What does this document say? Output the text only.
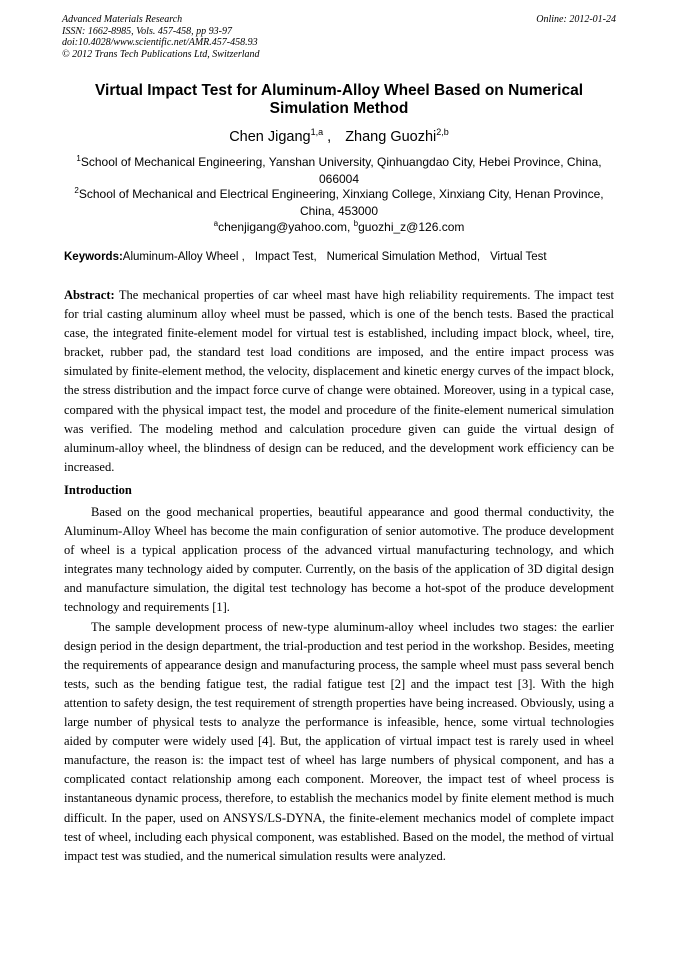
Advanced Materials Research
ISSN: 1662-8985, Vols. 457-458, pp 93-97
doi:10.4028/www.scientific.net/AMR.457-458.93
© 2012 Trans Tech Publications Ltd, Switzerland
Online: 2012-01-24
Virtual Impact Test for Aluminum-Alloy Wheel Based on Numerical Simulation Method
Chen Jigang$^{1,a}$ , Zhang Guozhi$^{2,b}$
$^1$School of Mechanical Engineering, Yanshan University, Qinhuangdao City, Hebei Province, China, 066004
$^2$School of Mechanical and Electrical Engineering, Xinxiang College, Xinxiang City, Henan Province, China, 453000
$^a$chenjigang@yahoo.com, $^b$guozhi_z@126.com
Keywords:Aluminum-Alloy Wheel , Impact Test, Numerical Simulation Method, Virtual Test
Abstract: The mechanical properties of car wheel mast have high reliability requirements. The impact test for trial casting aluminum alloy wheel must be passed, which is one of the bench tests. Based the practical case, the integrated finite-element model for virtual test is established, including impact block, wheel, tire, bracket, rubber pad, the standard test load conditions are imposed, and the entire impact process was simulated by finite-element method, the velocity, displacement and kinetic energy curves of the impact block, the stress distribution and the impact force curve of change were obtained. Moreover, using in a typical case, compared with the physical impact test, the model and procedure of the finite-element numerical simulation was verified. The modeling method and calculation procedure given can guide the virtual design of aluminum-alloy wheel, the blindness of design can be reduced, and the development work efficiency can be increased.
Introduction

Based on the good mechanical properties, beautiful appearance and good thermal conductivity, the Aluminum-Alloy Wheel has become the main configuration of senior automotive. The produce development of wheel is a typical application process of the advanced virtual manufacturing technology, and which integrates many technology aided by computer. Currently, on the basis of the application of 3D digital design and manufacture simulation, the digital test technology has become a hot-spot of the produce development technology and requirements [1].

The sample development process of new-type aluminum-alloy wheel includes two stages: the earlier design period in the design department, the trial-production and test period in the workshop. Besides, meeting the requirements of appearance design and manufacturing process, the sample wheel must pass several bench tests, such as the bending fatigue test, the radial fatigue test [2] and the impact test [3]. With the high attention to safety design, the test requirement of strength properties have being increased. Obviously, using a large number of physical tests to analyze the performance is infeasible, hence, some virtual technologies aided by computer were widely used [4]. But, the application of virtual impact test is rarely used in wheel manufacture, the reason is: the impact test of wheel has large numbers of physical component, and has a complicated contact relationship among each component. Moreover, the impact test of wheel process is instantaneous dynamic process, therefore, to establish the mechanics model by finite element method is much difficult. In the paper, used on ANSYS/LS-DYNA, the finite-element mechanics model of complete impact test of wheel, including each physical component, was established. Based on the model, the method of virtual impact test was studied, and the numerical simulation results were analyzed.
